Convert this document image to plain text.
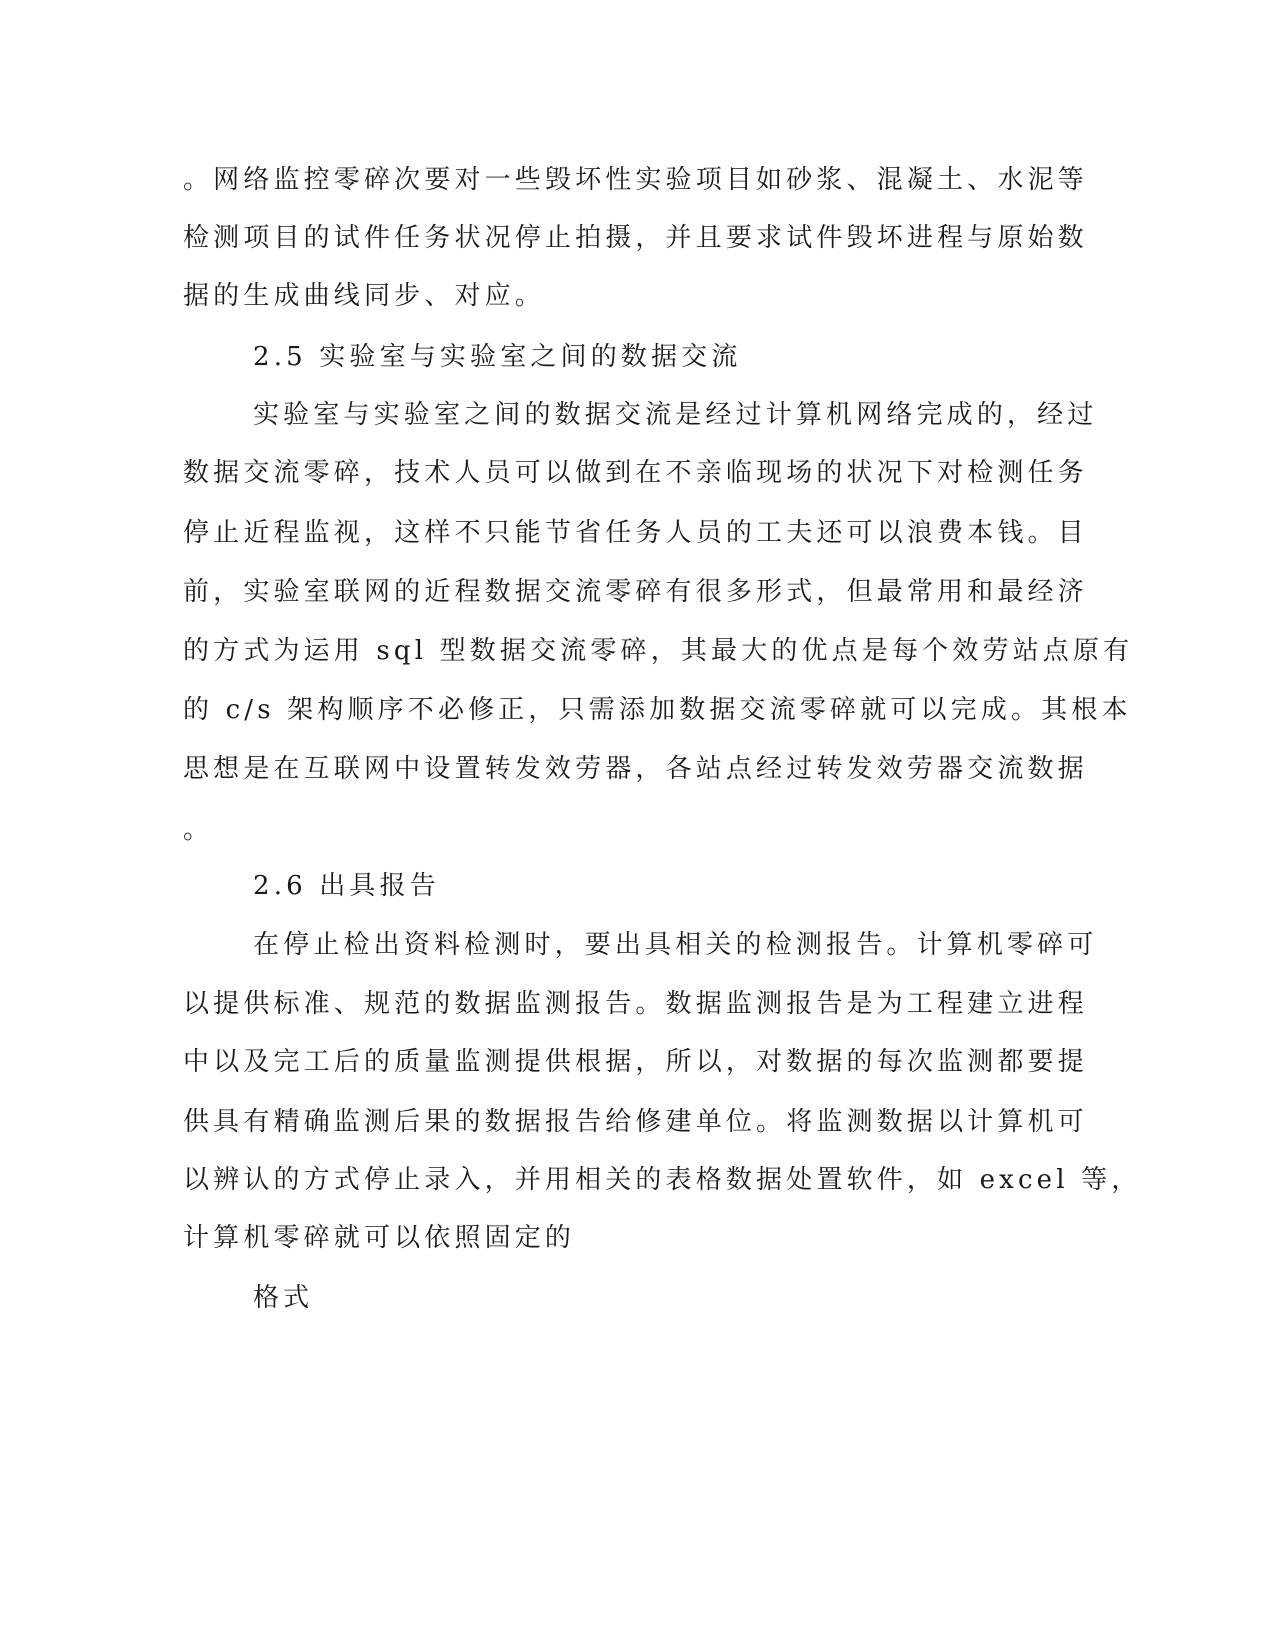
。网络监控零碎次要对一些毁坏性实验项目如砂浆、混凝土、水泥等
检测项目的试件任务状况停止拍摄，并且要求试件毁坏进程与原始数
据的生成曲线同步、对应。
2.5 实验室与实验室之间的数据交流
实验室与实验室之间的数据交流是经过计算机网络完成的，经过
数据交流零碎，技术人员可以做到在不亲临现场的状况下对检测任务
停止近程监视，这样不只能节省任务人员的工夫还可以浪费本钱。目
前，实验室联网的近程数据交流零碎有很多形式，但最常用和最经济
的方式为运用 sql 型数据交流零碎，其最大的优点是每个效劳站点原有
的 c/s 架构顺序不必修正，只需添加数据交流零碎就可以完成。其根本
思想是在互联网中设置转发效劳器，各站点经过转发效劳器交流数据
。
2.6 出具报告
在停止检出资料检测时，要出具相关的检测报告。计算机零碎可
以提供标准、规范的数据监测报告。数据监测报告是为工程建立进程
中以及完工后的质量监测提供根据，所以，对数据的每次监测都要提
供具有精确监测后果的数据报告给修建单位。将监测数据以计算机可
以辨认的方式停止录入，并用相关的表格数据处置软件，如 excel 等，
计算机零碎就可以依照固定的
格式
